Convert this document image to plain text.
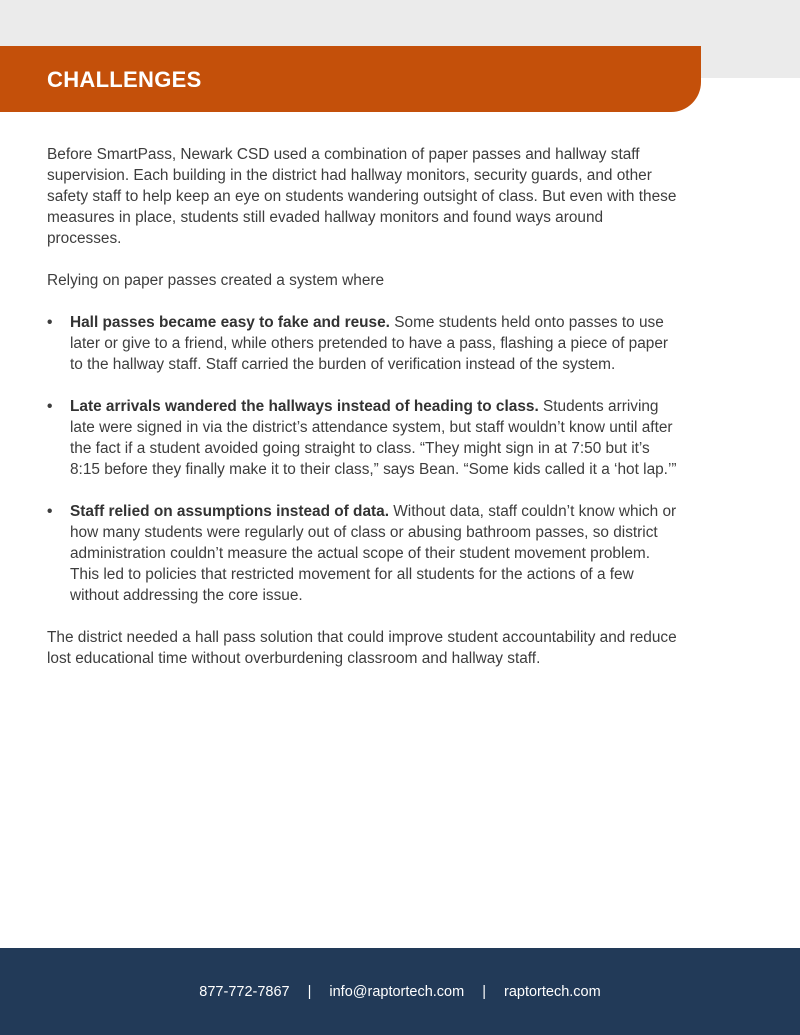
CHALLENGES

Before SmartPass, Newark CSD used a combination of paper passes and hallway staff supervision. Each building in the district had hallway monitors, security guards, and other safety staff to help keep an eye on students wandering outsight of class. But even with these measures in place, students still evaded hallway monitors and found ways around processes.

Relying on paper passes created a system where

• Hall passes became easy to fake and reuse. Some students held onto passes to use later or give to a friend, while others pretended to have a pass, flashing a piece of paper to the hallway staff. Staff carried the burden of verification instead of the system.
• Late arrivals wandered the hallways instead of heading to class. Students arriving late were signed in via the district’s attendance system, but staff wouldn’t know until after the fact if a student avoided going straight to class. “They might sign in at 7:50 but it’s 8:15 before they finally make it to their class,” says Bean. “Some kids called it a ‘hot lap.’”
• Staff relied on assumptions instead of data. Without data, staff couldn’t know which or how many students were regularly out of class or abusing bathroom passes, so district administration couldn’t measure the actual scope of their student movement problem. This led to policies that restricted movement for all students for the actions of a few without addressing the core issue.

The district needed a hall pass solution that could improve student accountability and reduce lost educational time without overburdening classroom and hallway staff.

877-772-7867 | info@raptortech.com | raptortech.com
